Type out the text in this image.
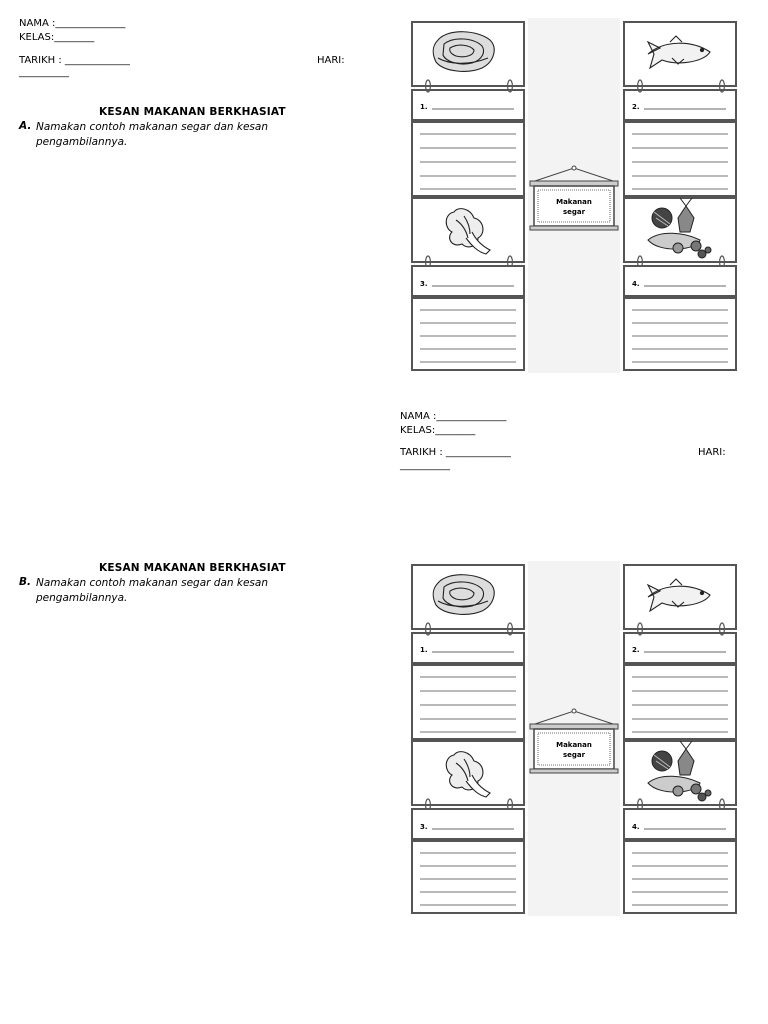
NAMA :______________
KELAS:________
TARIKH : _____________	HARI:
__________
KESAN MAKANAN BERKHASIAT
A. Namakan contoh makanan segar dan kesan pengambilannya.
NAMA :______________
KELAS:________
TARIKH : _____________	HARI:
__________
KESAN MAKANAN BERKHASIAT
B. Namakan contoh makanan segar dan kesan pengambilannya.
1.
3.
2.
4.
Makanan
segar
1.
3.
2.
4.
Makanan
segar
